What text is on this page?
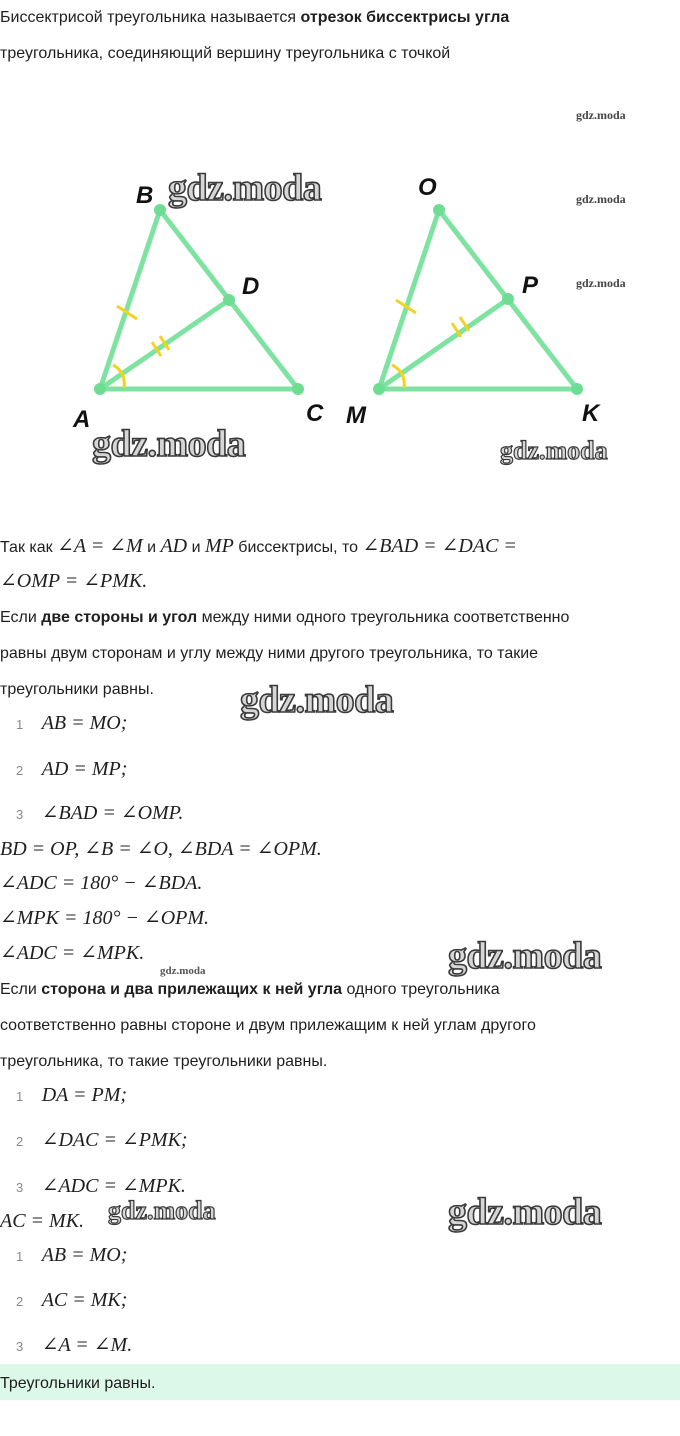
Биссектрисой треугольника называется отрезок биссектрисы угла
треугольника, соединяющий вершину треугольника с точкой
gdz.moda
gdz.moda
gdz.moda
B
D
A	C
O
P
M	K
gdz.moda
gdz.moda	gdz.moda
Так как ∠A = ∠M и AD и MP биссектрисы, то ∠BAD = ∠DAC =
∠OMP = ∠PMK.
Если две стороны и угол между ними одного треугольника соответственно
равны двум сторонам и углу между ними другого треугольника, то такие
треугольники равны. gdz.moda
1 AB = MO;
2 AD = MP;
3 ∠BAD = ∠OMP.
BD = OP, ∠B = ∠O, ∠BDA = ∠OPM.
∠ADC = 180° − ∠BDA.
∠MPK = 180° − ∠OPM.
∠ADC = ∠MPK.	gdz.moda
gdz.moda
Если сторона и два прилежащих к ней угла одного треугольника
соответственно равны стороне и двум прилежащим к ней углам другого
треугольника, то такие треугольники равны.
1 DA = PM;
2 ∠DAC = ∠PMK;
3 ∠ADC = ∠MPK.
AC = MK. gdz.moda	gdz.moda
1 AB = MO;
2 AC = MK;
3 ∠A = ∠M.
Треугольники равны.
